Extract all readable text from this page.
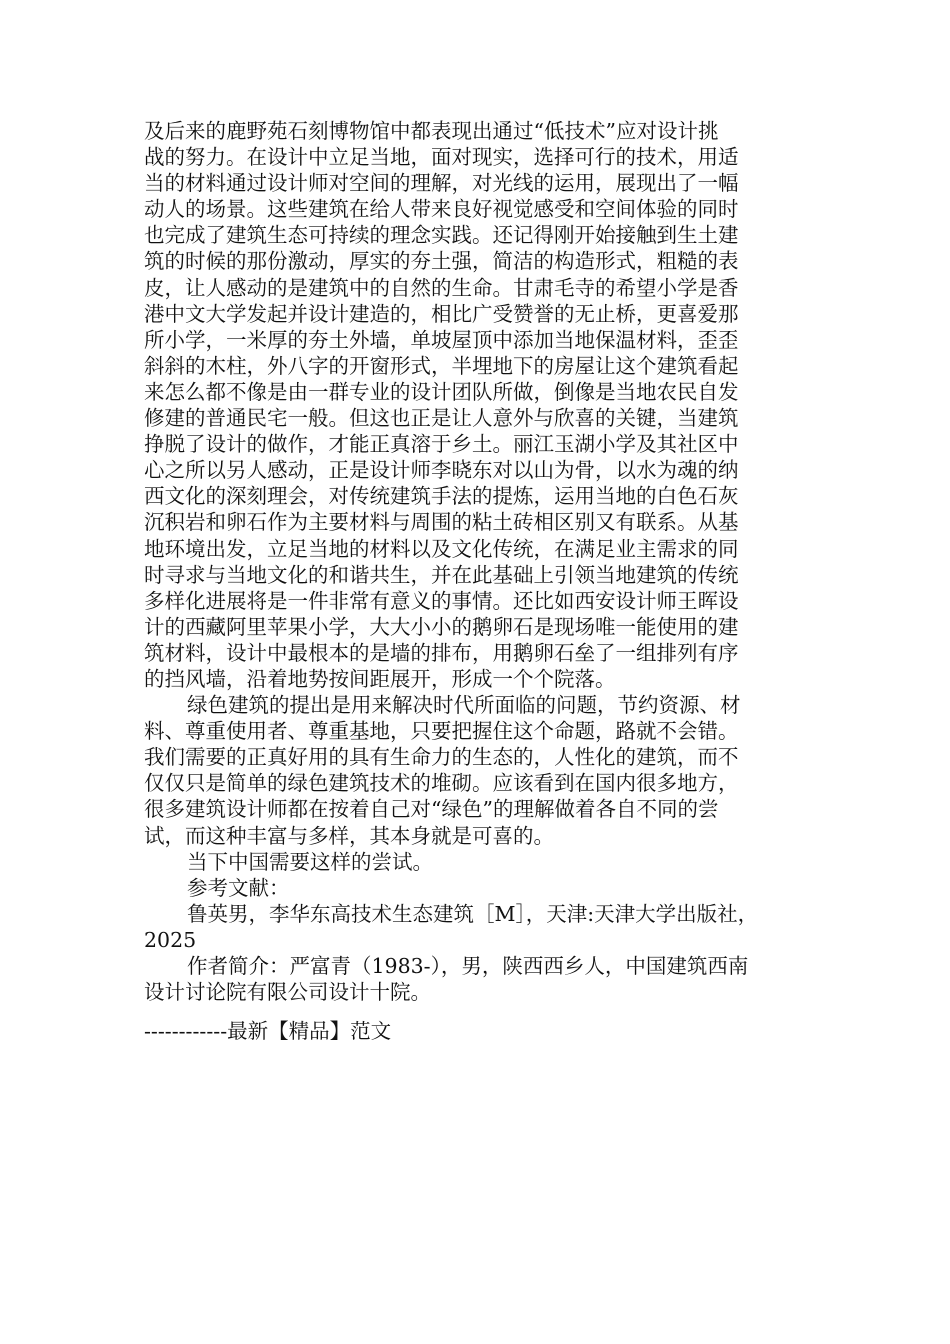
及后来的鹿野苑石刻博物馆中都表现出通过“低技术”应对设计挑
战的努力。在设计中立足当地，面对现实，选择可行的技术，用适
当的材料通过设计师对空间的理解，对光线的运用，展现出了一幅
动人的场景。这些建筑在给人带来良好视觉感受和空间体验的同时
也完成了建筑生态可持续的理念实践。还记得刚开始接触到生土建
筑的时候的那份激动，厚实的夯土强，简洁的构造形式，粗糙的表
皮，让人感动的是建筑中的自然的生命。甘肃毛寺的希望小学是香
港中文大学发起并设计建造的，相比广受赞誉的无止桥，更喜爱那
所小学，一米厚的夯土外墙，单坡屋顶中添加当地保温材料，歪歪
斜斜的木柱，外八字的开窗形式，半埋地下的房屋让这个建筑看起
来怎么都不像是由一群专业的设计团队所做，倒像是当地农民自发
修建的普通民宅一般。但这也正是让人意外与欣喜的关键，当建筑
挣脱了设计的做作，才能正真溶于乡土。丽江玉湖小学及其社区中
心之所以另人感动，正是设计师李晓东对以山为骨，以水为魂的纳
西文化的深刻理会，对传统建筑手法的提炼，运用当地的白色石灰
沉积岩和卵石作为主要材料与周围的粘土砖相区别又有联系。从基
地环境出发，立足当地的材料以及文化传统，在满足业主需求的同
时寻求与当地文化的和谐共生，并在此基础上引领当地建筑的传统
多样化进展将是一件非常有意义的事情。还比如西安设计师王晖设
计的西藏阿里苹果小学，大大小小的鹅卵石是现场唯一能使用的建
筑材料，设计中最根本的是墙的排布，用鹅卵石垒了一组排列有序
的挡风墙，沿着地势按间距展开，形成一个个院落。
绿色建筑的提出是用来解决时代所面临的问题，节约资源、材
料、尊重使用者、尊重基地，只要把握住这个命题，路就不会错。
我们需要的正真好用的具有生命力的生态的，人性化的建筑，而不
仅仅只是简单的绿色建筑技术的堆砌。应该看到在国内很多地方，
很多建筑设计师都在按着自己对“绿色”的理解做着各自不同的尝
试，而这种丰富与多样，其本身就是可喜的。
当下中国需要这样的尝试。
参考文献：
鲁英男，李华东高技术生态建筑［M］，天津:天津大学出版社，
2025
作者简介：严富青（1983-），男，陕西西乡人，中国建筑西南
设计讨论院有限公司设计十院。
------------最新【精品】范文
